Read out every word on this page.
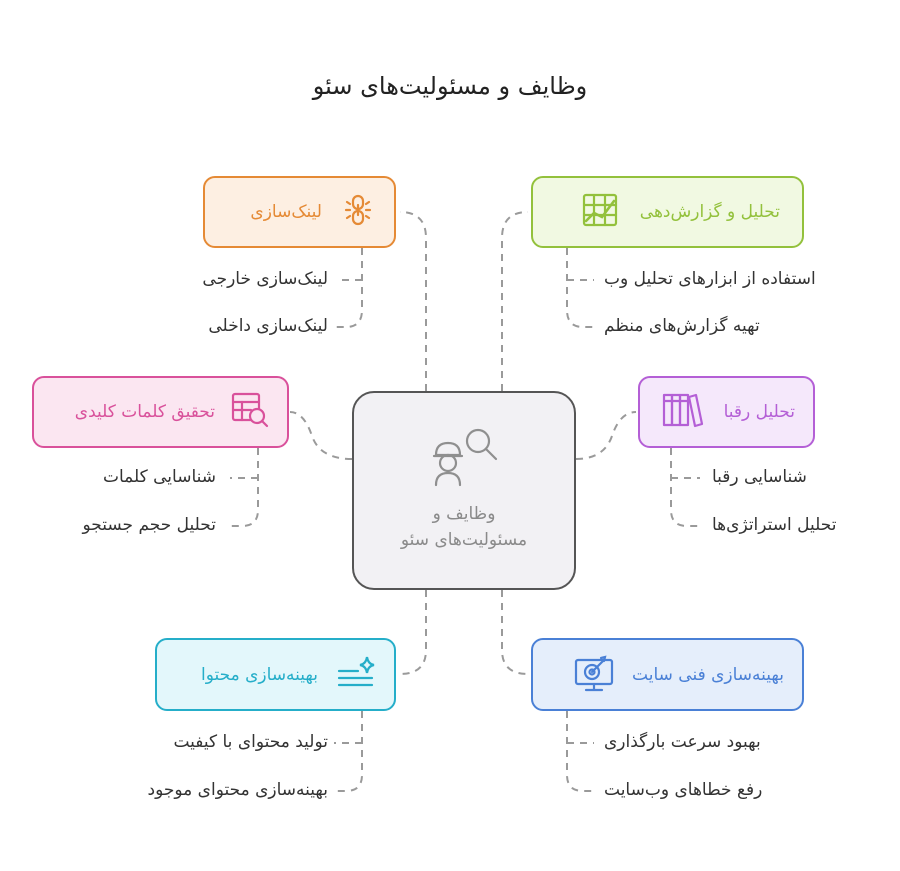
وظایف و مسئولیت‌های سئو
لینک‌سازی
لینک‌سازی خارجی
لینک‌سازی داخلی
تحلیل و گزارش‌دهی
استفاده از ابزارهای تحلیل وب
تهیه گزارش‌های منظم
تحقیق کلمات کلیدی
شناسایی کلمات
تحلیل حجم جستجو
تحلیل رقبا
شناسایی رقبا
تحلیل استراتژی‌ها
بهینه‌سازی محتوا
تولید محتوای با کیفیت
بهینه‌سازی محتوای موجود
بهینه‌سازی فنی سایت
بهبود سرعت بارگذاری
رفع خطاهای وب‌سایت
وظایف و
مسئولیت‌های سئو
